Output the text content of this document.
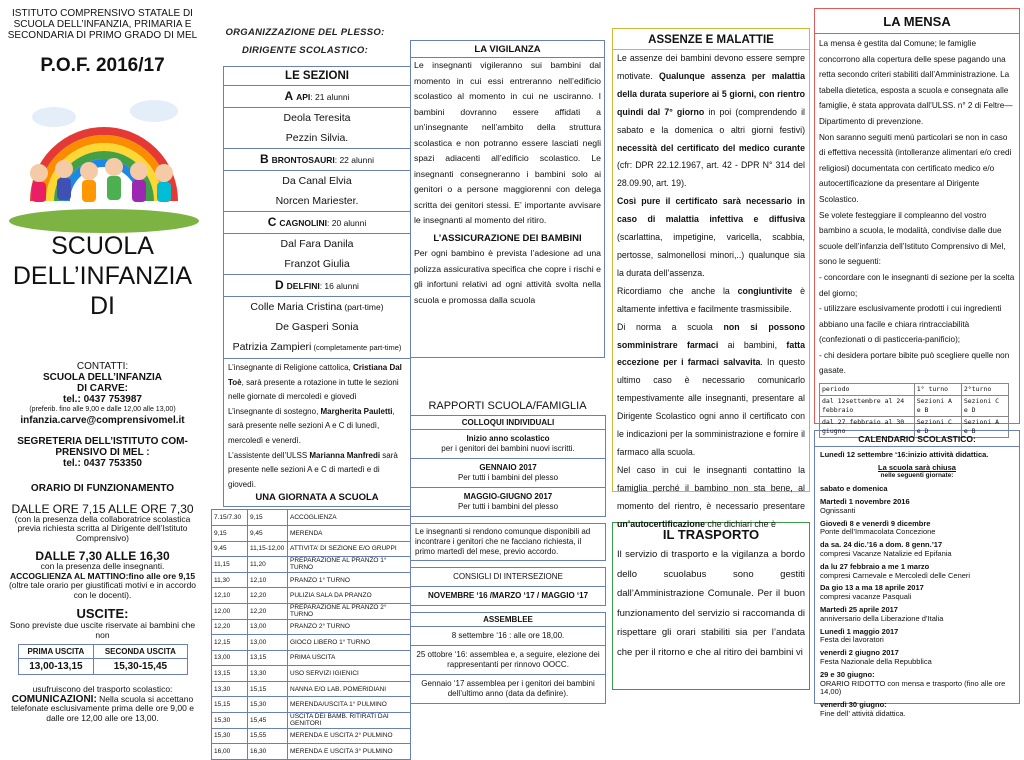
ISTITUTO COMPRENSIVO STATALE DI SCUOLA DELL’INFANZIA, PRIMARIA E SECONDARIA DI PRIMO GRADO DI MEL
P.O.F. 2016/17
SCUOLA
DELL’INFANZIA
DI
CONTATTI:
SCUOLA DELL’INFANZIA
DI CARVE:
tel.: 0437 753987
(preferib. fino alle 9,00 e dalle 12,00 alle 13,00)
infanzia.carve@comprensivomel.it
SEGRETERIA DELL’ISTITUTO COM-PRENSIVO DI MEL :
tel.: 0437 753350
ORARIO DI FUNZIONAMENTO
DALLE ORE 7,15 ALLE ORE 7,30
(con la presenza della collaboratrice scolastica previa richiesta scritta al Dirigente dell’Istituto Comprensivo)
DALLE 7,30 ALLE 16,30
con la presenza delle insegnanti.
ACCOGLIENZA AL MATTINO:fino alle ore 9,15
(oltre tale orario per giustificati motivi e in accordo con le docenti).
USCITE:
Sono previste due uscite riservate ai bambini che non
PRIMA USCITA	SECONDA USCITA
13,00-13,15	15,30-15,45
usufruiscono del trasporto scolastico:
COMUNICAZIONI: Nella scuola si accettano telefonate esclusivamente prima delle ore 9,00 e dalle ore 12,00 alle ore 13,00.
ORGANIZZAZIONE DEL PLESSO:
DIRIGENTE SCOLASTICO:
LE SEZIONI
A API: 21 alunni
Deola Teresita
Pezzin Silvia.
B BRONTOSAURI: 22 alunni
Da Canal Elvia
Norcen Mariester.
C CAGNOLINI: 20 alunni
Dal Fara Danila
Franzot Giulia
D DELFINI: 16 alunni
Colle Maria Cristina (part-time)
De Gasperi Sonia
Patrizia Zampieri (completamente part-time)
L’insegnante di Religione cattolica, Cristiana Dal Toè, sarà presente a rotazione in tutte le sezioni nelle giornate di mercoledì e giovedì
L’insegnante di sostegno, Margherita Pauletti, sarà presente nelle sezioni A e C di lunedì, mercoledì e venerdì.
L’assistente dell’ULSS Marianna Manfredi sarà presente nelle sezioni A e C di martedì e di giovedì.
UNA GIORNATA A SCUOLA
7.15/7.30	9,15	ACCOGLIENZA
9,15	9,45	MERENDA
9,45	11,15-12,00	ATTIVITA’ DI SEZIONE E/O GRUPPI
11,15	11,20	PREPARAZIONE AL PRANZO 1° TURNO
11,30	12,10	PRANZO 1° TURNO
12,10	12,20	PULIZIA SALA DA PRANZO
12,00	12,20	PREPARAZIONE AL PRANZO 2° TURNO
12,20	13,00	PRANZO 2° TURNO
12,15	13,00	GIOCO LIBERO 1° TURNO
13,00	13,15	PRIMA USCITA
13,15	13,30	USO SERVIZI IGIENICI
13,30	15,15	NANNA E/O LAB. POMERIDIANI
15,15	15,30	MERENDA/USCITA 1° PULMINO
15,30	15,45	USCITA DEI BAMB. RITIRATI DAI GENITORI
15,30	15,55	MERENDA E USCITA 2° PULMINO
16,00	16,30	MERENDA E USCITA 3° PULMINO
LA VIGILANZA
Le insegnanti vigileranno sui bambini dal momento in cui essi entreranno nell’edificio scolastico al momento in cui ne usciranno. I bambini dovranno essere affidati a un’insegnante nell’ambito della struttura scolastica e non potranno essere lasciati negli spazi adiacenti all’edificio scolastico. Le insegnanti consegneranno i bambini solo ai genitori o a persone maggiorenni con delega scritta dei genitori stessi. E’ importante avvisare le insegnanti al momento del ritiro.
L’ASSICURAZIONE DEI BAMBINI
Per ogni bambino è prevista l’adesione ad una polizza assicurativa specifica che copre i rischi e gli infortuni relativi ad ogni attività svolta nella scuola e promossa dalla scuola
RAPPORTI SCUOLA/FAMIGLIA
COLLOQUI INDIVIDUALI
Inizio anno scolastico
per i genitori dei bambini nuovi iscritti.
GENNAIO 2017
Per tutti i bambini del plesso
MAGGIO-GIUGNO 2017
Per tutti i bambini del plesso
Le insegnanti si rendono comunque disponibili ad incontrare i genitori che ne facciano richiesta, il primo martedì del mese, previo accordo.
CONSIGLI DI INTERSEZIONE
NOVEMBRE ‘16 /MARZO ‘17 / MAGGIO ‘17
ASSEMBLEE
8 settembre ‘16 : alle ore 18,00.
25 ottobre ‘16: assemblea e, a seguire, elezione dei rappresentanti per rinnovo OOCC.
Gennaio ‘17 assemblea per i genitori dei bambini dell’ultimo anno (data da definire).
ASSENZE E MALATTIE
Le assenze dei bambini devono essere sempre motivate. Qualunque assenza per malattia della durata superiore ai 5 giorni, con rientro quindi dal 7° giorno in poi (comprendendo il sabato e la domenica o altri giorni festivi) necessità del certificato del medico curante (cfr: DPR 22.12.1967, art. 42 - DPR N° 314 del 28.09.90, art. 19).
Così pure il certificato sarà necessario in caso di malattia infettiva e diffusiva (scarlattina, impetigine, varicella, scabbia, pertosse, salmonellosi minori,..) qualunque sia la durata dell’assenza.
Ricordiamo che anche la congiuntivite è altamente infettiva e facilmente trasmissibile.
Di norma a scuola non si possono somministrare farmaci ai bambini, fatta eccezione per i farmaci salvavita. In questo ultimo caso è necessario comunicarlo tempestivamente alle insegnanti, presentare al Dirigente Scolastico ogni anno il certificato con le indicazioni per la somministrazione e fornire il farmaco alla scuola.
Nel caso in cui le insegnanti contattino la famiglia perché il bambino non sta bene, al momento del rientro, è necessario presentare un’autocertificazione che dichiari che è
IL TRASPORTO
Il servizio di trasporto e la vigilanza a bordo dello scuolabus sono gestiti dall’Amministrazione Comunale. Per il buon funzionamento del servizio si raccomanda di rispettare gli orari stabiliti sia per l’andata che per il ritorno e che al ritiro dei bambini vi
LA MENSA
La mensa è gestita dal Comune; le famiglie concorrono alla copertura delle spese pagando una retta secondo criteri stabiliti dall’Amministrazione. La tabella dietetica, esposta a scuola e consegnata alle famiglie, è stata approvata dall’ULSS. n° 2 di Feltre—Dipartimento di prevenzione.
Non saranno seguiti menù particolari se non in caso di effettiva necessità (intolleranze alimentari e/o credi religiosi) documentata con certificato medico e/o autocertificazione da presentare al Dirigente Scolastico.
Se volete festeggiare il compleanno del vostro bambino a scuola, le modalità, condivise dalle due scuole dell’infanzia dell’Istituto Comprensivo di Mel, sono le seguenti:
- concordare con le insegnanti di sezione per la scelta del giorno;
- utilizzare esclusivamente prodotti i cui ingredienti abbiano una facile e chiara rintracciabilità (confezionati o di pasticceria-panificio);
- chi desidera portare bibite può scegliere quelle non gasate.
periodo	1° turno	2°turno
dal 12settembre al 24 febbraio	Sezioni A e B	Sezioni C e D
dal 27 febbraio al 30 giugno	Sezioni C e D	Sezioni A e B
CALENDARIO SCOLASTICO:

Lunedì 12 settembre ‘16:inizio attività didattica.

La scuola sarà chiusa

nelle seguenti giornate:

sabato e domenica

Martedì 1 novembre 2016
Ognissanti

Giovedì 8 e venerdì 9 dicembre
Ponte dell’Immacolata Concezione

da sa. 24 dic.’16 a dom. 8 genn.’17
compresi Vacanze Natalizie ed Epifania

da lu 27 febbraio a me 1 marzo
compresi Carnevale e Mercoledì delle Ceneri

Da gio 13 a ma 18 aprile 2017
compresi vacanze Pasquali

Martedì 25 aprile 2017
anniversario della Liberazione d’Italia

Lunedì 1 maggio 2017
Festa dei lavoratori

venerdì 2 giugno 2017
Festa Nazionale della Repubblica

29 e 30 giugno:
ORARIO RIDOTTO con mensa e trasporto (fino alle ore 14,00)

venerdì 30 giugno:
Fine dell’ attività didattica.
